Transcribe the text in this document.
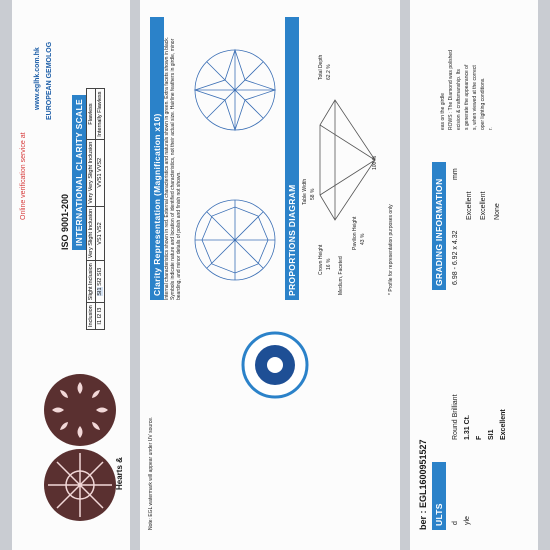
Online verification service at
www.eglhk.com.hk EUROPEAN GEMOLOG
ISO 9001-200
Hearts &
INTERNATIONAL CLARITY SCALE
Inclusion	Slight Inclusion	Very Slight Inclusion	Very Very Slight Inclusion	Flawless
I1 I2 I3	SI1 SI2 SI3	VS1 VS2	VVS1 VVS2	Internally Flawless
Note: EGL watermark will appear under UV source.
Clarity Representation (Magnification x10) Internal characteristics shown in red. External characteristics and naturals shown in green. Extra facets shown in black. Symbols indicate nature and location of identified characteristics, not their actual size. Hairline feathers in girdle, minor bearding, and minor details of polish and finish not shown.	PROPORTIONS DIAGRAM	Table Width 58 %
Total Depth 62.2 %
Crown Height 16 % Medium, Faceted
Pavilion Height 43 %
100 %
* Profile for representation purposes only
ber : EGL1600951527 ULTS d
Round Brilliant
yle
1.31 Ct. F SI1 Excellent
GRADING INFORMATION 6.98 - 6.92 x 4.32
mm
Excellent Excellent None
eas on the girdle ROWS : The Diamond was polished ecision & craftsmanship. Its s generate the appearance of s, when viewed at the correct oper lighting conditions. r.
